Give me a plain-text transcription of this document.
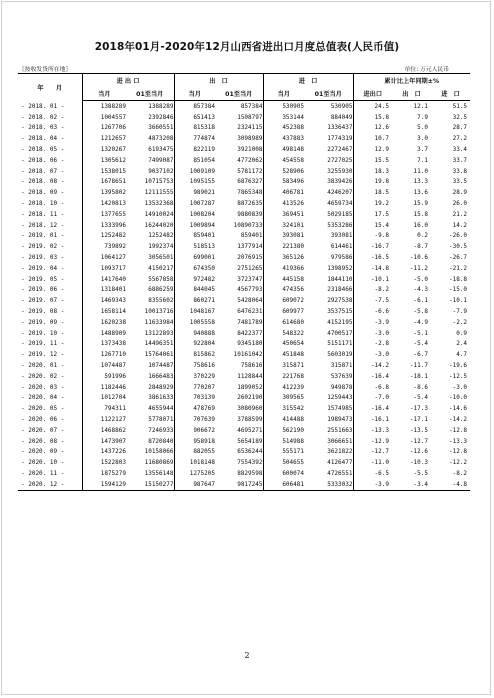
2018年01月-2020年12月山西省进出口月度总值表(人民币值)
〖按收发货所在地〗	单位: 万元人民币
年　　月	进 出 口		出　口		进　口		累计比上年同期±%		
	当月	01至当月	当月	01至当月	当月	01至当月	进出口	出　口	进　口
- 2018. 01 -	1388289	1388289	857384	857384	530905	530905	24.5	12.1	51.5
- 2018. 02 -	1004557	2392846	651413	1508797	353144	884049	15.8	7.9	32.5
- 2018. 03 -	1267706	3660551	815318	2324115	452388	1336437	12.6	5.0	28.7
- 2018. 04 -	1212657	4873208	774874	3098989	437883	1774319	10.7	3.0	27.2
- 2018. 05 -	1320267	6193475	822119	3921008	498148	2272467	12.9	3.7	33.4
- 2018. 06 -	1305612	7499087	851054	4772062	454558	2727025	15.5	7.1	33.7
- 2018. 07 -	1538015	9037102	1009109	5781172	528906	3255930	18.3	11.0	33.8
- 2018. 08 -	1678651	10715753	1095155	6876327	583496	3839426	19.8	13.3	33.5
- 2018. 09 -	1395802	12111555	989021	7865348	406781	4246207	18.5	13.6	28.9
- 2018. 10 -	1420813	13532368	1007287	8872635	413526	4659734	19.2	15.9	26.0
- 2018. 11 -	1377655	14910024	1008204	9880839	369451	5029185	17.5	15.8	21.2
- 2018. 12 -	1333996	16244020	1009894	10890733	324101	5353286	15.4	16.0	14.2
- 2019. 01 -	1252482	1252482	859401	859401	393081	393081	-9.8	0.2	-26.0
- 2019. 02 -	739892	1992374	518513	1377914	221380	614461	-16.7	-8.7	-30.5
- 2019. 03 -	1064127	3056501	699001	2076915	365126	979586	-16.5	-10.6	-26.7
- 2019. 04 -	1093717	4150217	674350	2751265	419366	1398952	-14.8	-11.2	-21.2
- 2019. 05 -	1417640	5567858	972482	3723747	445158	1844110	-10.1	-5.0	-18.8
- 2019. 06 -	1318401	6886259	844045	4567793	474356	2318466	-8.2	-4.3	-15.0
- 2019. 07 -	1469343	8355602	860271	5428064	609072	2927538	-7.5	-6.1	-10.1
- 2019. 08 -	1658114	10013716	1048167	6476231	609977	3537515	-6.6	-5.8	-7.9
- 2019. 09 -	1620238	11633984	1005558	7481789	614680	4152195	-3.9	-4.9	-2.2
- 2019. 10 -	1488909	13122893	940888	8422377	548322	4700517	-3.0	-5.1	0.9
- 2019. 11 -	1373438	14496351	922804	9345180	450654	5151171	-2.8	-5.4	2.4
- 2019. 12 -	1267710	15764061	815862	10161042	451848	5603019	-3.0	-6.7	4.7
- 2020. 01 -	1074487	1074487	758616	758616	315871	315871	-14.2	-11.7	-19.6
- 2020. 02 -	591996	1666483	370229	1128844	221768	537639	-16.4	-18.1	-12.5
- 2020. 03 -	1182446	2848929	770207	1899052	412239	949878	-6.8	-8.6	-3.0
- 2020. 04 -	1012704	3861633	703139	2602190	309565	1259443	-7.0	-5.4	-10.0
- 2020. 05 -	794311	4655944	478769	3080960	315542	1574985	-16.4	-17.3	-14.6
- 2020. 06 -	1122127	5778071	707639	3788599	414488	1989473	-16.1	-17.1	-14.2
- 2020. 07 -	1468862	7246933	906672	4695271	562190	2551663	-13.3	-13.5	-12.8
- 2020. 08 -	1473907	8720840	958918	5654189	514988	3066651	-12.9	-12.7	-13.3
- 2020. 09 -	1437226	10158066	882055	6536244	555171	3621822	-12.7	-12.6	-12.8
- 2020. 10 -	1522803	11680869	1018148	7554392	504655	4126477	-11.0	-10.3	-12.2
- 2020. 11 -	1875279	13556148	1275205	8829598	600074	4726551	-6.5	-5.5	-8.2
- 2020. 12 -	1594129	15150277	987647	9817245	606481	5333032	-3.9	-3.4	-4.8
2
